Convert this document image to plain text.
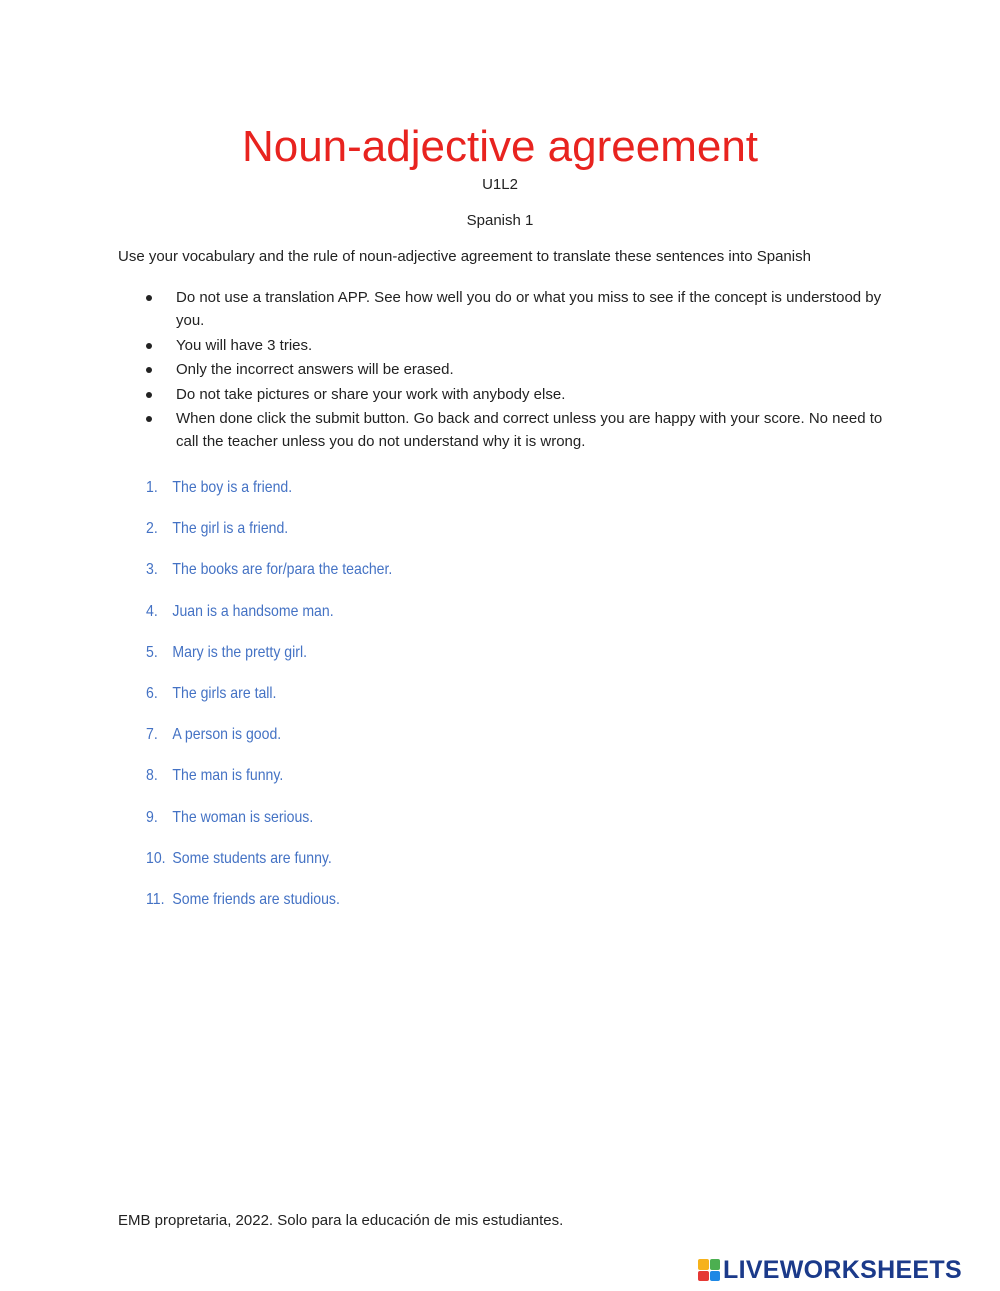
Noun-adjective agreement

U1L2

Spanish 1

Use your vocabulary and the rule of noun-adjective agreement to translate these sentences into Spanish

Do not use a translation APP. See how well you do or what you miss to see if the concept is understood by you.
You will have 3 tries.
Only the incorrect answers will be erased.
Do not take pictures or share your work with anybody else.
When done click the submit button. Go back and correct unless you are happy with your score. No need to call the teacher unless you do not understand why it is wrong.
1. The boy is a friend.
2. The girl is a friend.
3. The books are for/para the teacher.
4. Juan is a handsome man.
5. Mary is the pretty girl.
6. The girls are tall.
7. A person is good.
8. The man is funny.
9. The woman is serious.
10. Some students are funny.
11. Some friends are studious.

EMB propretaria, 2022. Solo para la educación de mis estudiantes.

LIVEWORKSHEETS
